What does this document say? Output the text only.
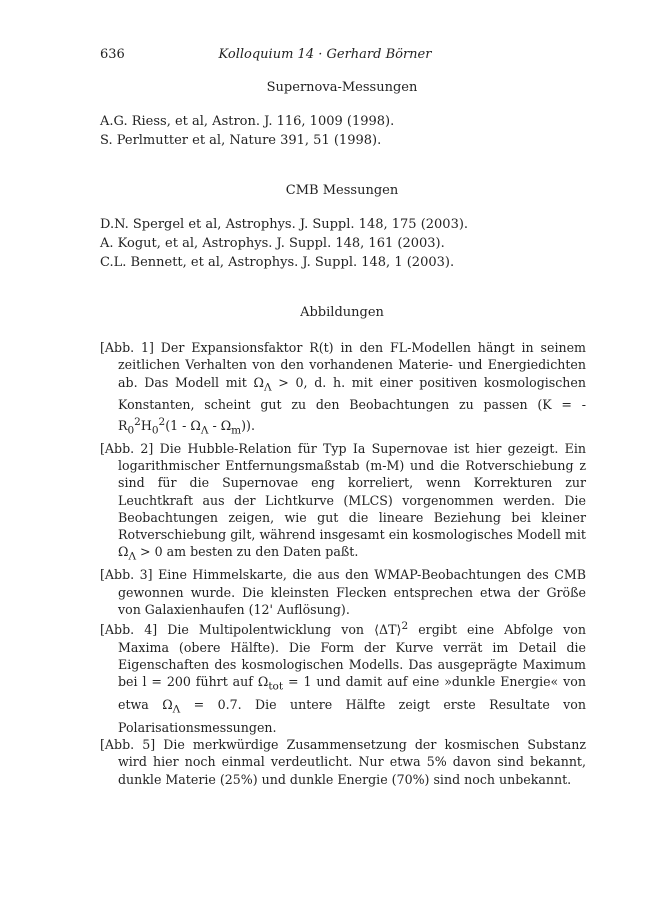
636	Kolloquium 14 · Gerhard Börner
Supernova-Messungen
A.G. Riess, et al, Astron. J. 116, 1009 (1998).
S. Perlmutter et al, Nature 391, 51 (1998).
CMB Messungen
D.N. Spergel et al, Astrophys. J. Suppl. 148, 175 (2003).
A. Kogut, et al, Astrophys. J. Suppl. 148, 161 (2003).
C.L. Bennett, et al, Astrophys. J. Suppl. 148, 1 (2003).
Abbildungen

[Abb. 1] Der Expansionsfaktor R(t) in den FL-Modellen hängt in seinem zeitlichen Verhalten von den vorhandenen Materie- und Energiedichten ab. Das Modell mit $\Omega_\Lambda > 0$, d. h. mit einer positiven kosmologischen Konstanten, scheint gut zu den Beobachtungen zu passen (K = - $R_0^2H_0^2(1 - \Omega_\Lambda - \Omega_m)$).

[Abb. 2] Die Hubble-Relation für Typ Ia Supernovae ist hier gezeigt. Ein logarithmischer Entfernungsmaßstab (m-M) und die Rotverschiebung z sind für die Supernovae eng korreliert, wenn Korrekturen zur Leuchtkraft aus der Lichtkurve (MLCS) vorgenommen werden. Die Beobachtungen zeigen, wie gut die lineare Beziehung bei kleiner Rotverschiebung gilt, während insgesamt ein kosmologisches Modell mit $\Omega_\Lambda > 0$ am besten zu den Daten paßt.

[Abb. 3] Eine Himmelskarte, die aus den WMAP-Beobachtungen des CMB gewonnen wurde. Die kleinsten Flecken entsprechen etwa der Größe von Galaxienhaufen (12' Auflösung).

[Abb. 4] Die Multipolentwicklung von ⟨ΔT⟩$^2$ ergibt eine Abfolge von Maxima (obere Hälfte). Die Form der Kurve verrät im Detail die Eigenschaften des kosmologischen Modells. Das ausgeprägte Maximum bei l = 200 führt auf $\Omega_{tot} = 1$ und damit auf eine »dunkle Energie« von etwa $\Omega_\Lambda = 0.7$. Die untere Hälfte zeigt erste Resultate von Polarisationsmessungen.

[Abb. 5] Die merkwürdige Zusammensetzung der kosmischen Substanz wird hier noch einmal verdeutlicht. Nur etwa 5% davon sind bekannt, dunkle Materie (25%) und dunkle Energie (70%) sind noch unbekannt.
